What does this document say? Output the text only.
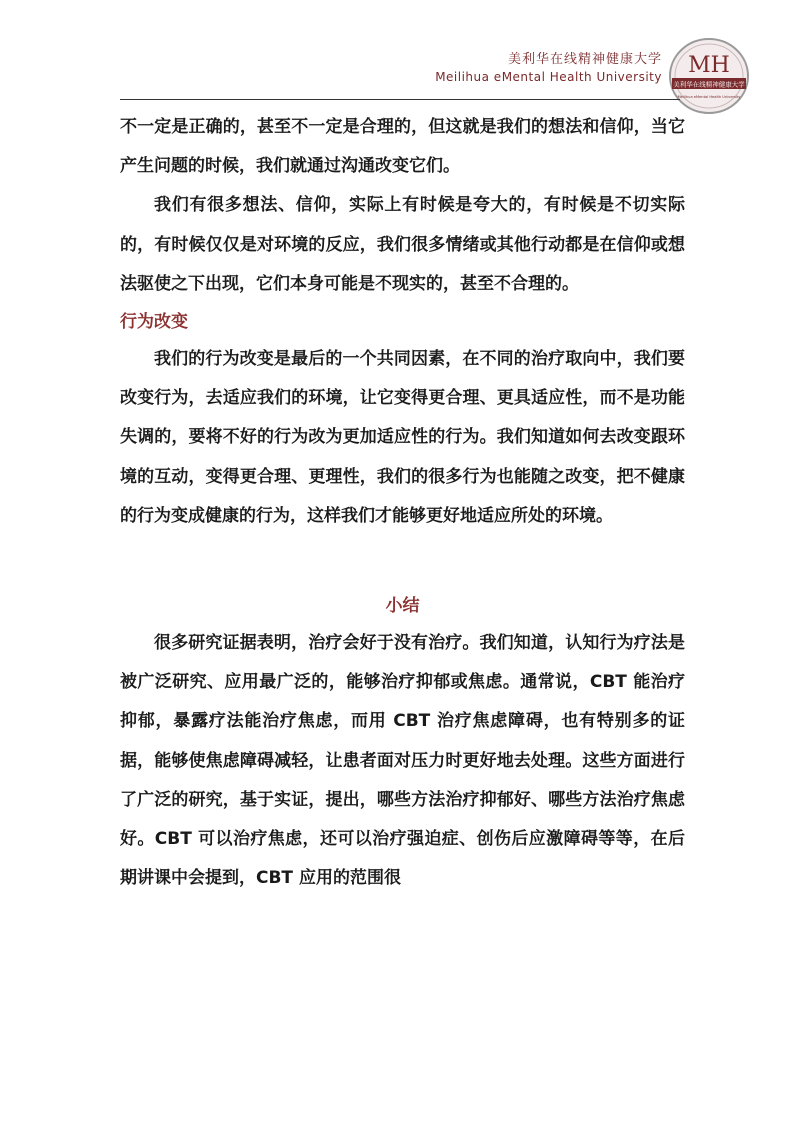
美利华在线精神健康大学
Meilihua eMental Health University MH
美利华在线精神健康大学
Meilihua eMental Health University

不一定是正确的，甚至不一定是合理的，但这就是我们的想法和信仰，当它产生问题的时候，我们就通过沟通改变它们。

我们有很多想法、信仰，实际上有时候是夸大的，有时候是不切实际的，有时候仅仅是对环境的反应，我们很多情绪或其他行动都是在信仰或想法驱使之下出现，它们本身可能是不现实的，甚至不合理的。

行为改变

我们的行为改变是最后的一个共同因素，在不同的治疗取向中，我们要改变行为，去适应我们的环境，让它变得更合理、更具适应性，而不是功能失调的，要将不好的行为改为更加适应性的行为。我们知道如何去改变跟环境的互动，变得更合理、更理性，我们的很多行为也能随之改变，把不健康的行为变成健康的行为，这样我们才能够更好地适应所处的环境。

小结

很多研究证据表明，治疗会好于没有治疗。我们知道，认知行为疗法是被广泛研究、应用最广泛的，能够治疗抑郁或焦虑。通常说，CBT 能治疗抑郁，暴露疗法能治疗焦虑，而用 CBT 治疗焦虑障碍，也有特别多的证据，能够使焦虑障碍减轻，让患者面对压力时更好地去处理。这些方面进行了广泛的研究，基于实证，提出，哪些方法治疗抑郁好、哪些方法治疗焦虑好。CBT 可以治疗焦虑，还可以治疗强迫症、创伤后应激障碍等等，在后期讲课中会提到，CBT 应用的范围很
